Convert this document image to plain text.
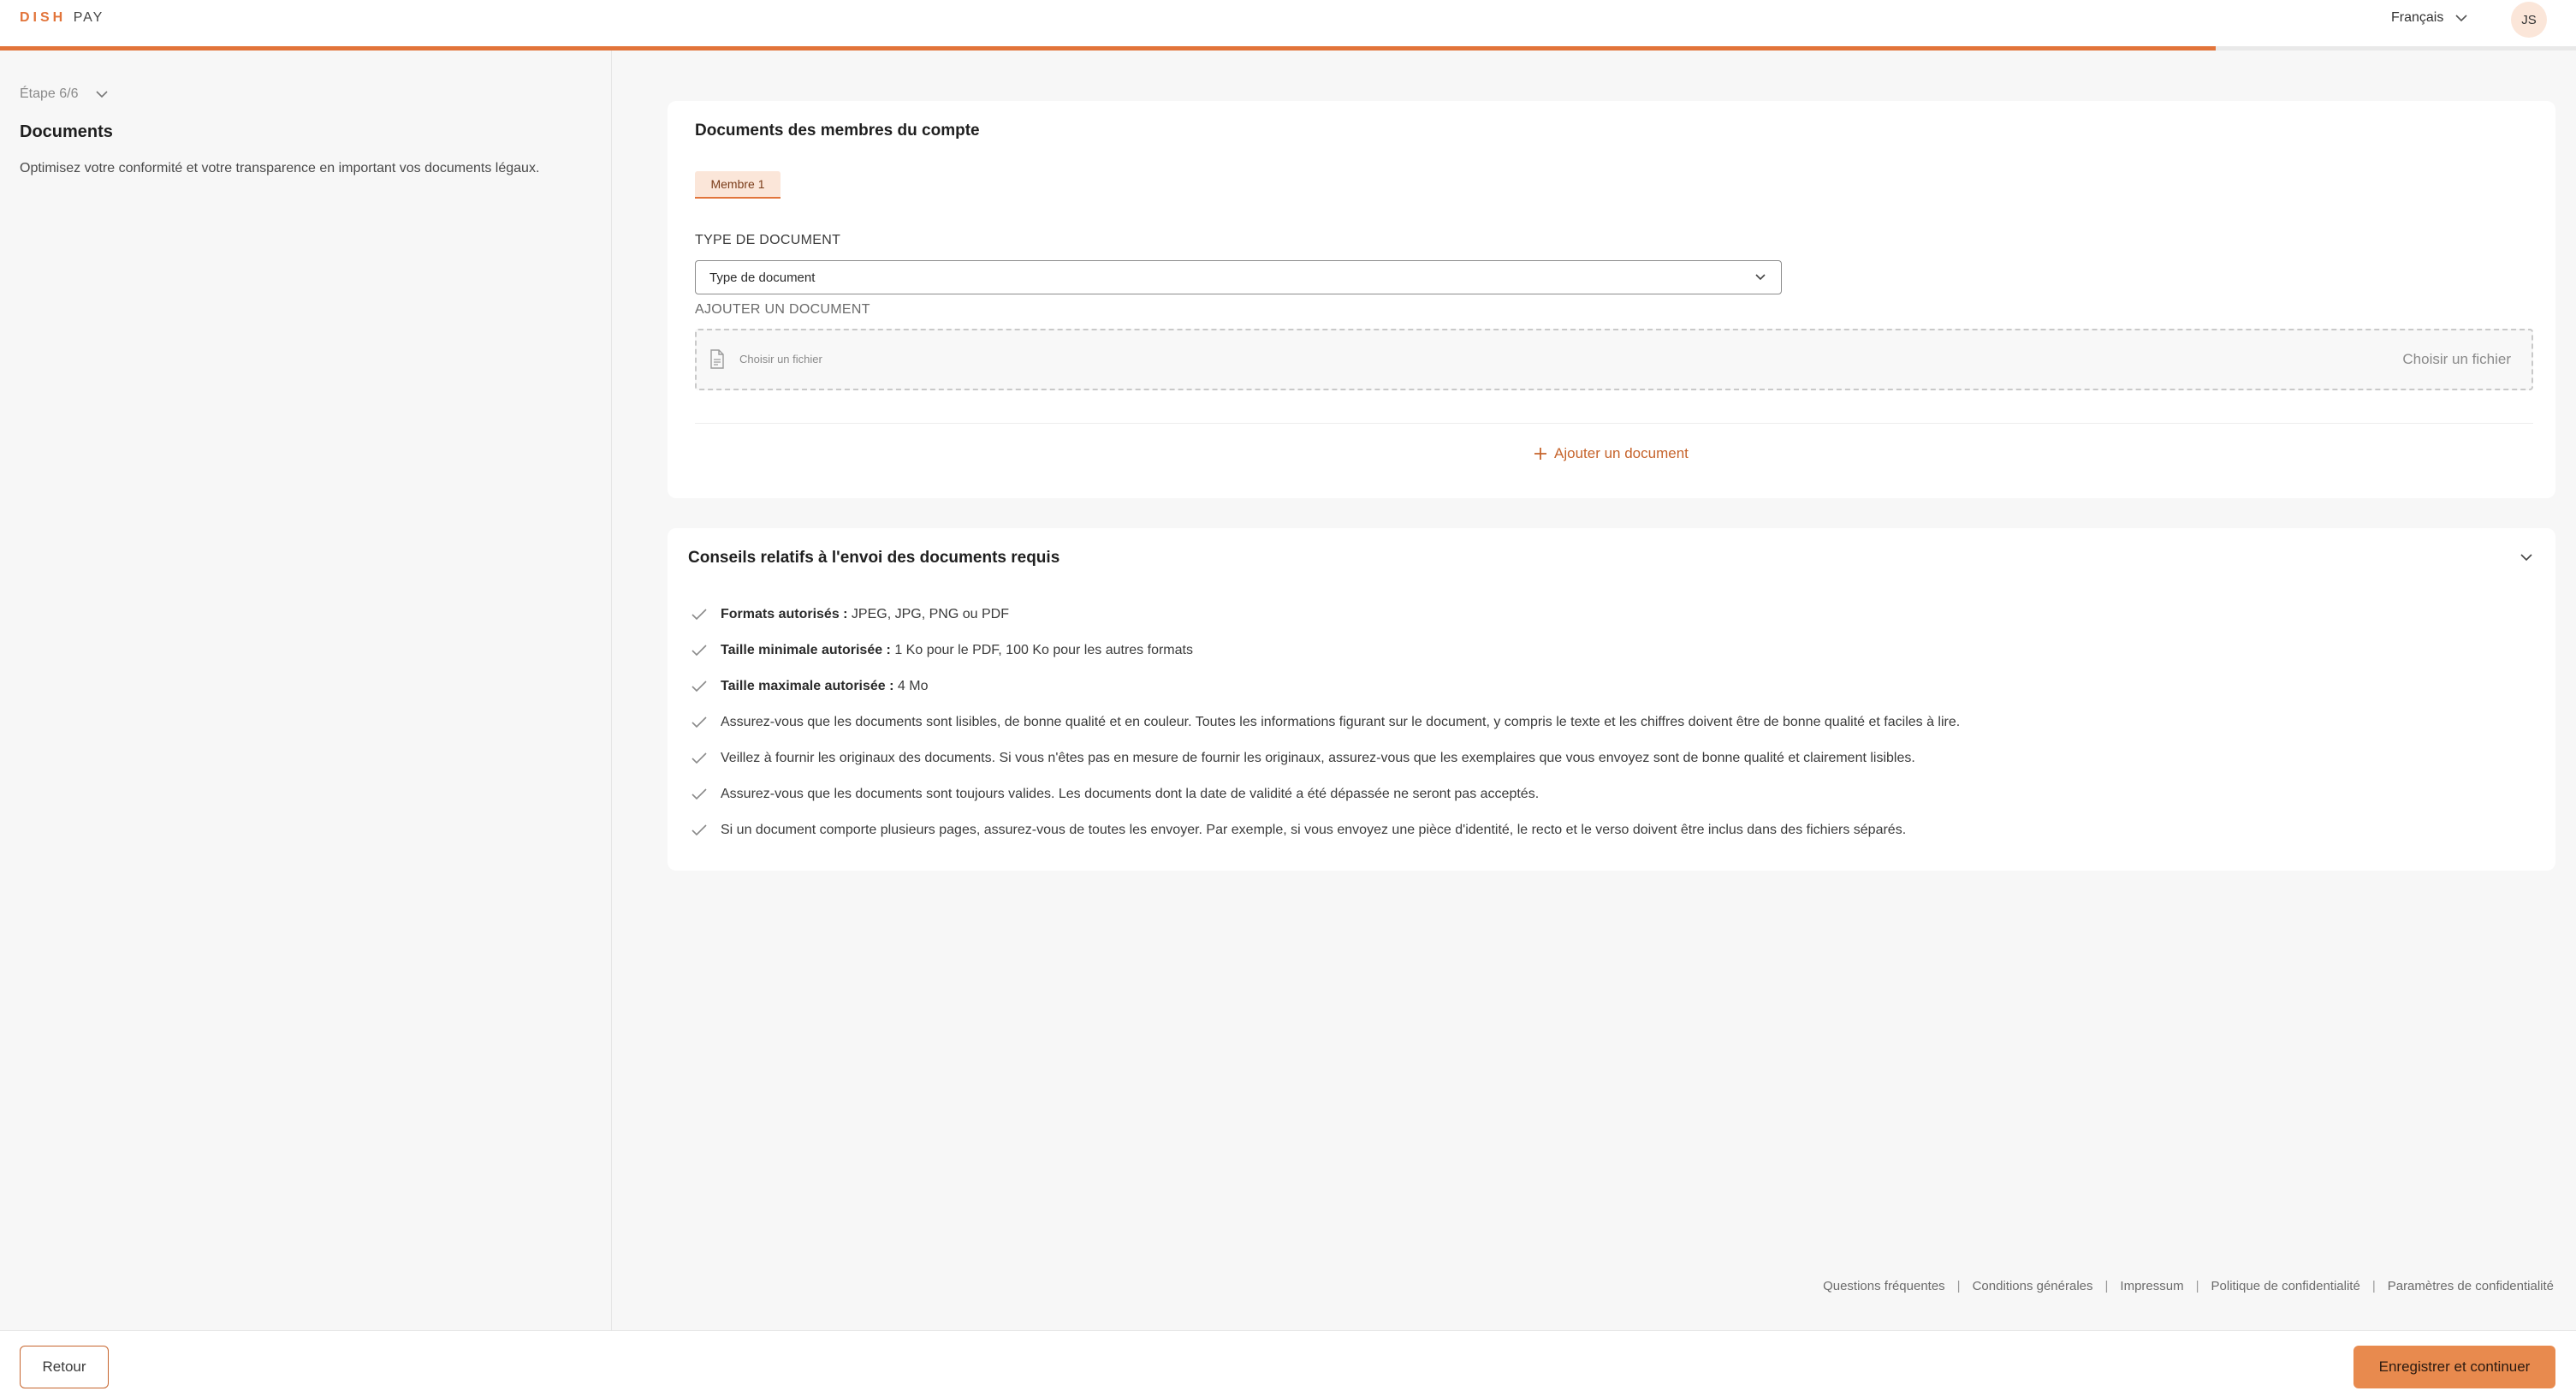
DISH PAY	Français	JS
Étape 6/6
Documents
Optimisez votre conformité et votre transparence en important vos documents légaux.
Documents des membres du compte
Membre 1
TYPE DE DOCUMENT
Type de document
AJOUTER UN DOCUMENT
Choisir un fichier	Choisir un fichier
Ajouter un document
Conseils relatifs à l'envoi des documents requis
Formats autorisés : JPEG, JPG, PNG ou PDF
Taille minimale autorisée : 1 Ko pour le PDF, 100 Ko pour les autres formats
Taille maximale autorisée : 4 Mo
Assurez-vous que les documents sont lisibles, de bonne qualité et en couleur. Toutes les informations figurant sur le document, y compris le texte et les chiffres doivent être de bonne qualité et faciles à lire.
Veillez à fournir les originaux des documents. Si vous n'êtes pas en mesure de fournir les originaux, assurez-vous que les exemplaires que vous envoyez sont de bonne qualité et clairement lisibles.
Assurez-vous que les documents sont toujours valides. Les documents dont la date de validité a été dépassée ne seront pas acceptés.
Si un document comporte plusieurs pages, assurez-vous de toutes les envoyer. Par exemple, si vous envoyez une pièce d'identité, le recto et le verso doivent être inclus dans des fichiers séparés.
Questions fréquentes | Conditions générales | Impressum | Politique de confidentialité | Paramètres de confidentialité
Retour	Enregistrer et continuer
